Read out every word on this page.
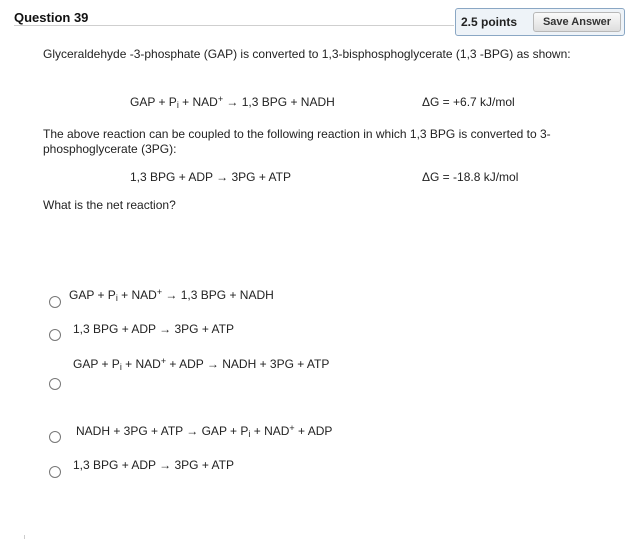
Question 39	2.5 points	Save Answer
Glyceraldehyde -3-phosphate (GAP) is converted to 1,3-bisphosphoglycerate (1,3 -BPG) as shown:
GAP + $P_i + NAD^+ \to 1,3$ BPG + NADH	ΔG = +6.7 kJ/mol
The above reaction can be coupled to the following reaction in which 1,3 BPG is converted to 3-phosphoglycerate (3PG):
1,3 BPG + ADP → 3PG + ATP	ΔG = -18.8 kJ/mol
What is the net reaction?
GAP + $P_i + NAD^+ \to 1,3$ BPG + NADH
1,3 BPG + ADP → 3PG + ATP
GAP + $P_i + NAD^+$ + ADP → NADH + 3PG + ATP
NADH + 3PG + ATP → GAP + $P_i + NAD^+$ + ADP
1,3 BPG + ADP → 3PG + ATP
